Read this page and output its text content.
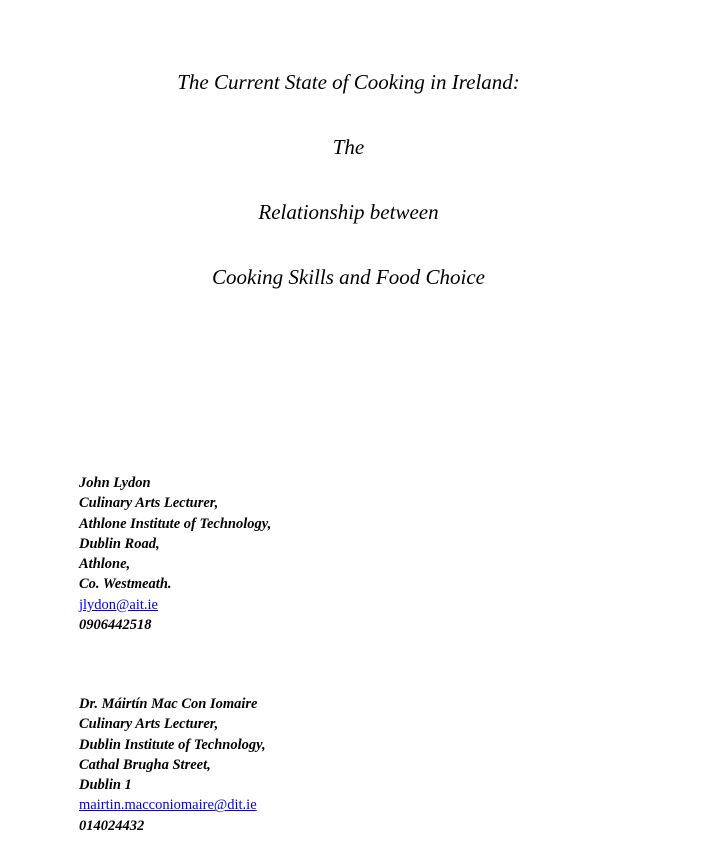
The Current State of Cooking in Ireland:
The
Relationship between
Cooking Skills and Food Choice
John Lydon
Culinary Arts Lecturer,
Athlone Institute of Technology,
Dublin Road,
Athlone,
Co. Westmeath.
jlydon@ait.ie
0906442518
Dr. Máirtín Mac Con Iomaire
Culinary Arts Lecturer,
Dublin Institute of Technology,
Cathal Brugha Street,
Dublin 1
mairtin.macconiomaire@dit.ie
014024432
